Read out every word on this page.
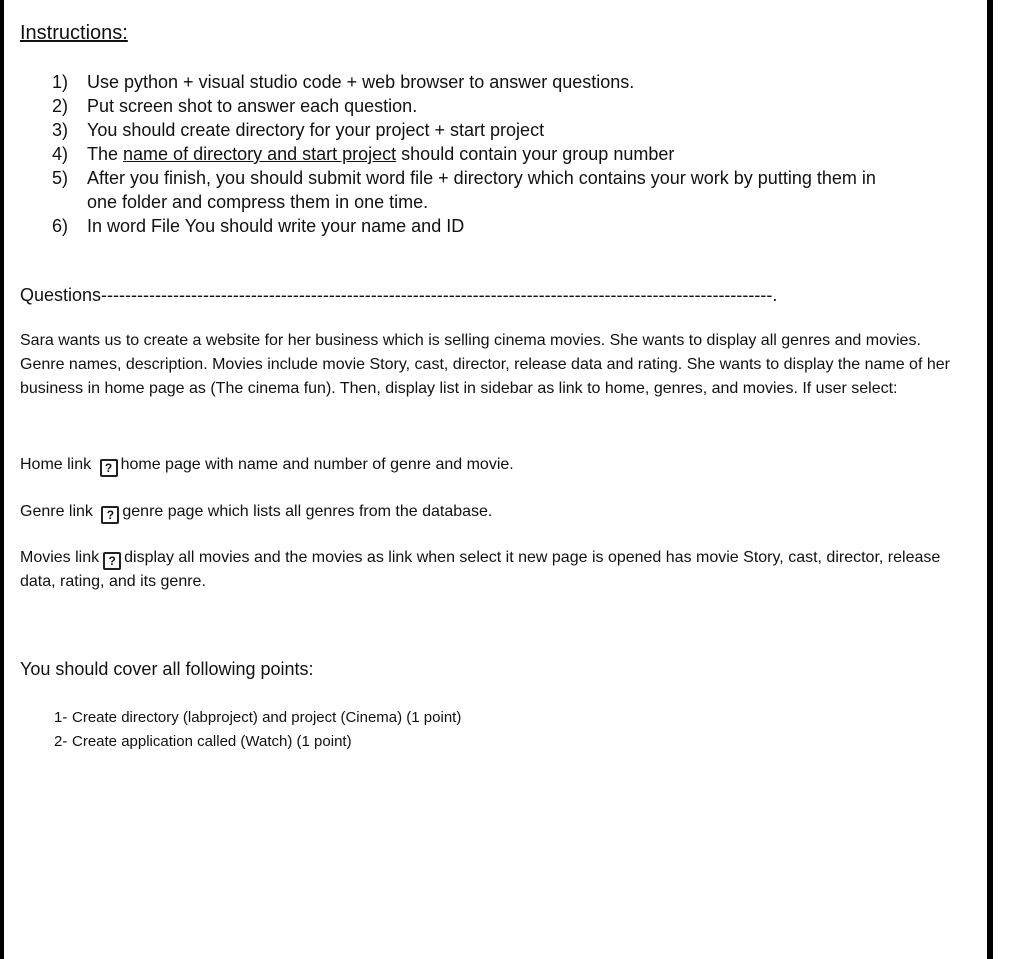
Instructions:
1) Use python + visual studio code + web browser to answer questions.
2) Put screen shot to answer each question.
3) You should create directory for your project + start project
4) The name of directory and start project should contain your group number
5) After you finish, you should submit word file + directory which contains your work by putting them in one folder and compress them in one time.
6) In word File You should write your name and ID
Questions----------------------------------------------------------------------------------------------------------------.

Sara wants us to create a website for her business which is selling cinema movies. She wants to display all genres and movies. Genre names, description. Movies include movie Story, cast, director, release data and rating. She wants to display the name of her business in home page as (The cinema fun). Then, display list in sidebar as link to home, genres, and movies. If user select:

Home link ? home page with name and number of genre and movie.

Genre link ? genre page which lists all genres from the database.

Movies link ? display all movies and the movies as link when select it new page is opened has movie Story, cast, director, release data, rating, and its genre.

You should cover all following points:
1- Create directory (labproject) and project (Cinema) (1 point)
2- Create application called (Watch) (1 point)
